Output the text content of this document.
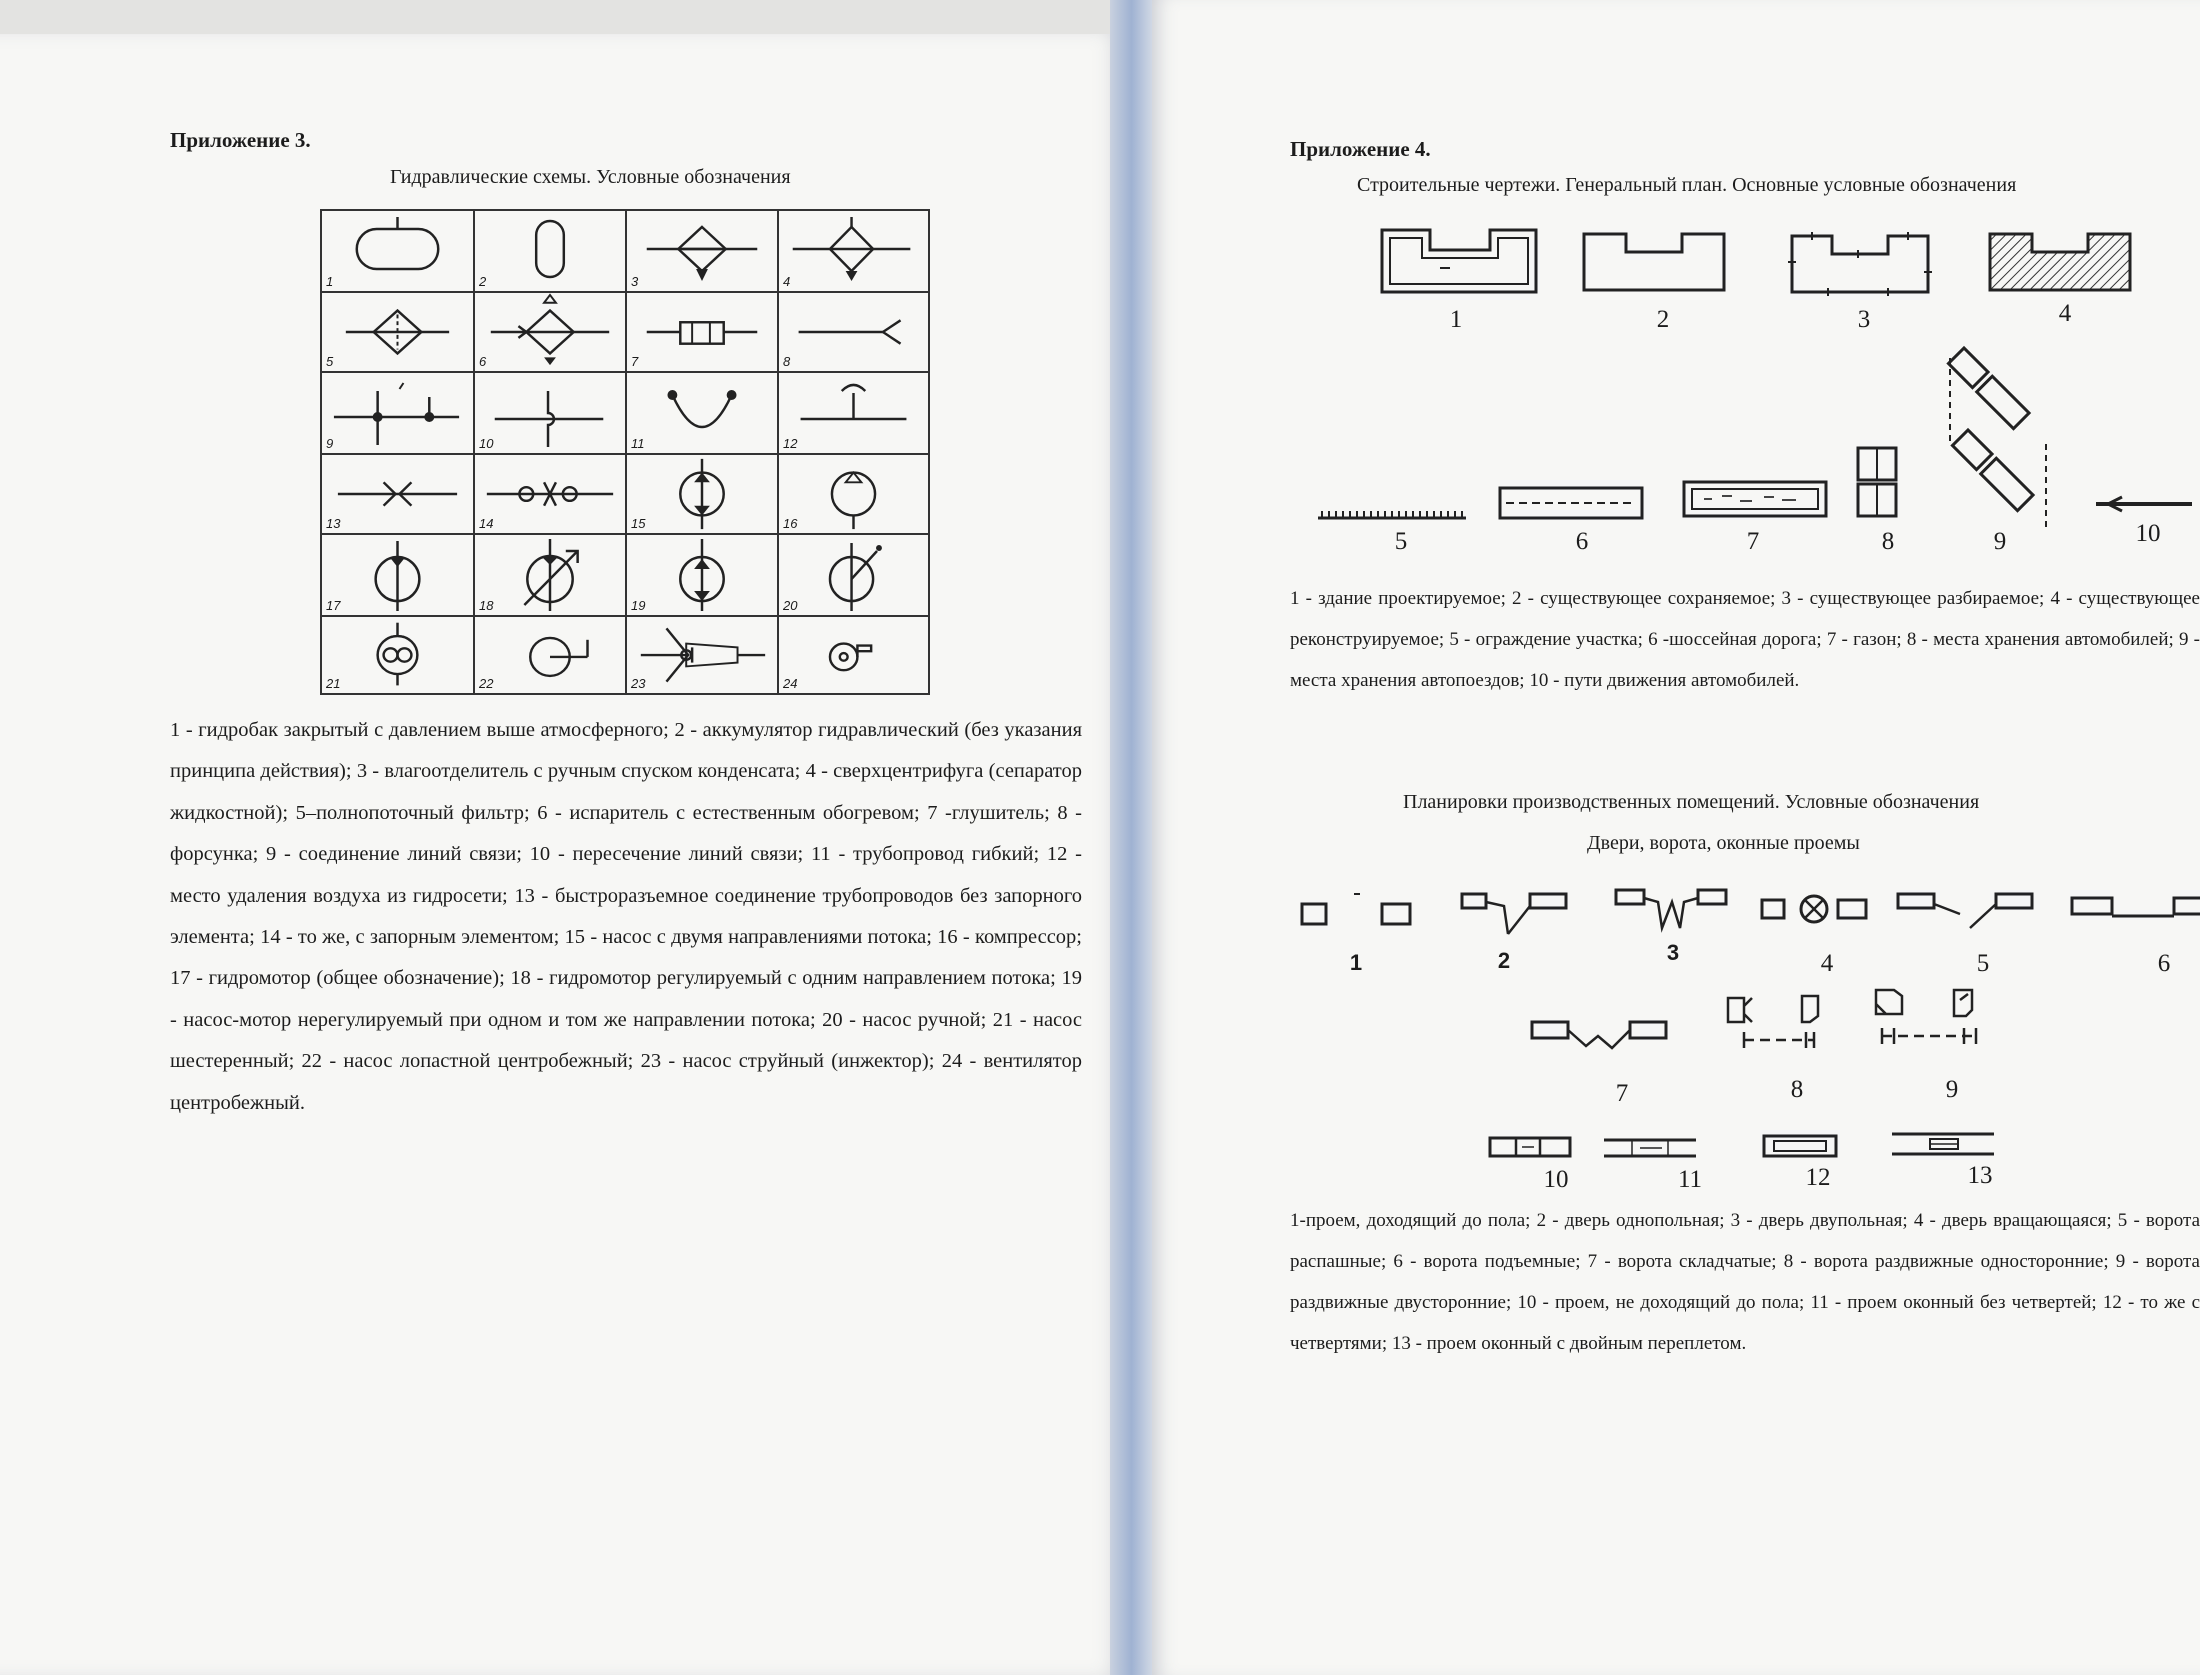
Приложение 3.
Гидравлические схемы. Условные обозначения
1	2	3	4
5	6	7	8
9	10	11	12
13	14	15	16
17	18	19	20
21	22	23	24
1 - гидробак закрытый с давлением выше атмосферного; 2 - аккумулятор гидравлический (без указания принципа действия); 3 - влагоотделитель с ручным спуском конденсата; 4 - сверхцентрифуга (сепаратор жидкостной); 5–полнопоточный фильтр; 6 - испаритель с естественным обогревом; 7 -глушитель; 8 - форсунка; 9 - соединение линий связи; 10 - пересечение линий связи; 11 - трубопровод гибкий; 12 - место удаления воздуха из гидросети; 13 - быстроразъемное соединение трубопроводов без запорного элемента; 14 - то же, с запорным элементом; 15 - насос с двумя направлениями потока; 16 - компрессор; 17 - гидромотор (общее обозначение); 18 - гидромотор регулируемый с одним направлением потока; 19 - насос-мотор нерегулируемый при одном и том же направлении потока; 20 - насос ручной; 21 - насос шестеренный; 22 - насос лопастной центробежный; 23 - насос струйный (инжектор); 24 - вентилятор центробежный.
Приложение 4.
Строительные чертежи. Генеральный план. Основные условные обозначения
1	2	3	4
5	6	7	8	9	10
1 - здание проектируемое; 2 - существующее сохраняемое; 3 - существующее разбираемое; 4 - существующее реконструируемое; 5 - ограждение участка; 6 -шоссейная дорога; 7 - газон; 8 - места хранения автомобилей; 9 - места хранения автопоездов; 10 - пути движения автомобилей.
Планировки производственных помещений. Условные обозначения
Двери, ворота, оконные проемы
1	2	3	4	5	6
7	8	9
10	11	12	13
1-проем, доходящий до пола; 2 - дверь однопольная; 3 - дверь двупольная; 4 - дверь вращающаяся; 5 - ворота распашные; 6 - ворота подъемные; 7 - ворота складчатые; 8 - ворота раздвижные односторонние; 9 - ворота раздвижные двусторонние; 10 - проем, не доходящий до пола; 11 - проем оконный без четвертей; 12 - то же с четвертями; 13 - проем оконный с двойным переплетом.
